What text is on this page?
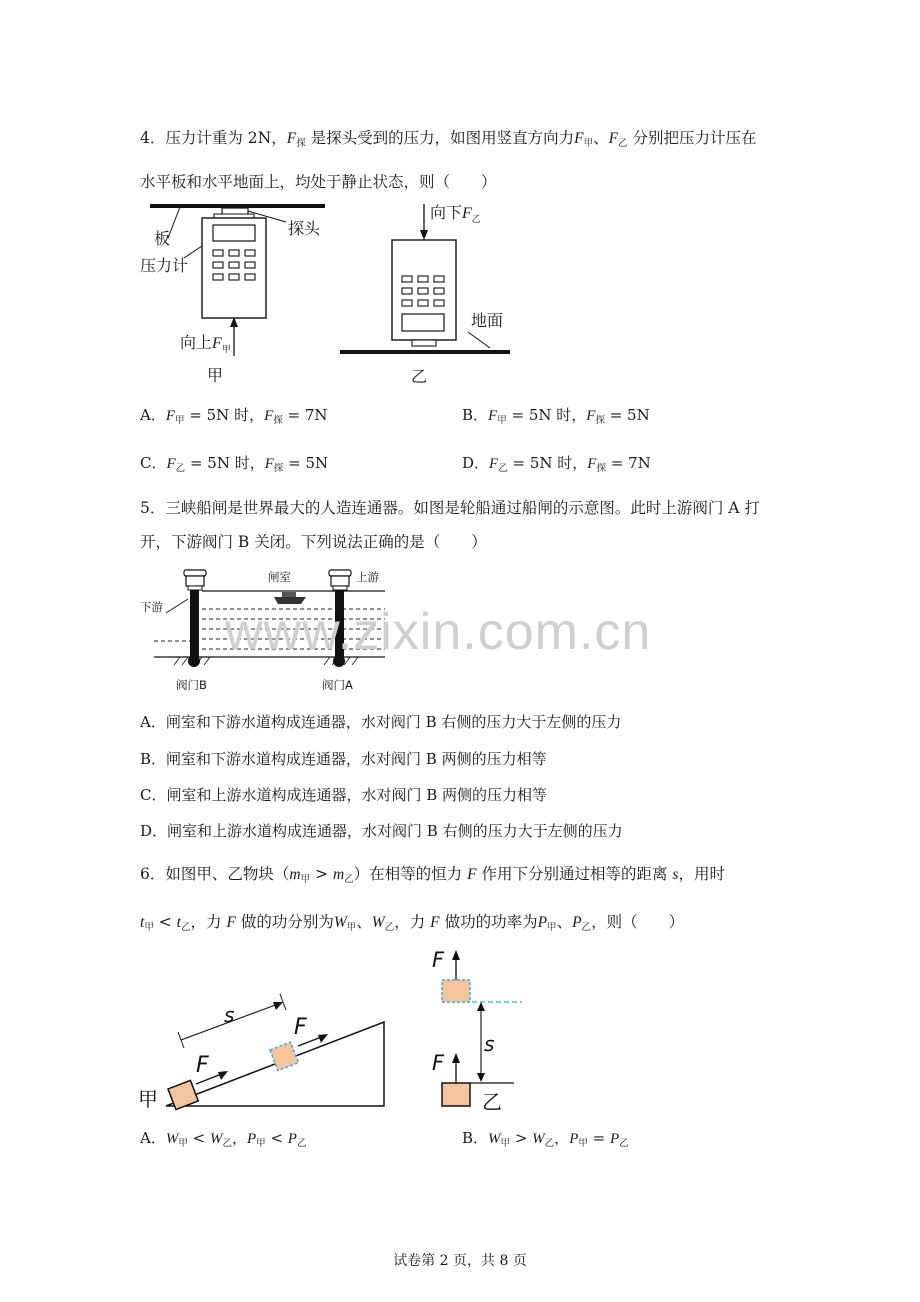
4．压力计重为 2N，$F_探$ 是探头受到的压力，如图用竖直方向力$F_甲$、$F_乙$ 分别把压力计压在
水平板和水平地面上，均处于静止状态，则（　　）
板
探头
压力计
向上$F_甲$
甲
向下$F_乙$
地面
乙
A．$F_甲 = 5N$ 时，$F_探 = 7N$	B．$F_甲 = 5N$ 时，$F_探 = 5N$
C．$F_乙 = 5N$ 时，$F_探 = 5N$	D．$F_乙 = 5N$ 时，$F_探 = 7N$
5．三峡船闸是世界最大的人造连通器。如图是轮船通过船闸的示意图。此时上游阀门 A 打
开，下游阀门 B 关闭。下列说法正确的是（　　）
闸室	上游
下游
阀门B	阀门A
www.zixin.com.cn
A．闸室和下游水道构成连通器，水对阀门 B 右侧的压力大于左侧的压力
B．闸室和下游水道构成连通器，水对阀门 B 两侧的压力相等
C．闸室和上游水道构成连通器，水对阀门 B 两侧的压力相等
D．闸室和上游水道构成连通器，水对阀门 B 右侧的压力大于左侧的压力
6．如图甲、乙物块$(m_甲 > m_乙)$在相等的恒力 F 作用下分别通过相等的距离 s，用时
$t_甲 < t_乙$，力 F 做的功分别为$W_甲$、$W_乙$，力 F 做功的功率为$P_甲$、$P_乙$，则（　　）
F
F
s
甲
F
s
F
乙
A．$W_甲 < W_乙$，$P_甲 < P_乙$	B．$W_甲 > W_乙$，$P_甲 = P_乙$
试卷第 2 页，共 8 页
